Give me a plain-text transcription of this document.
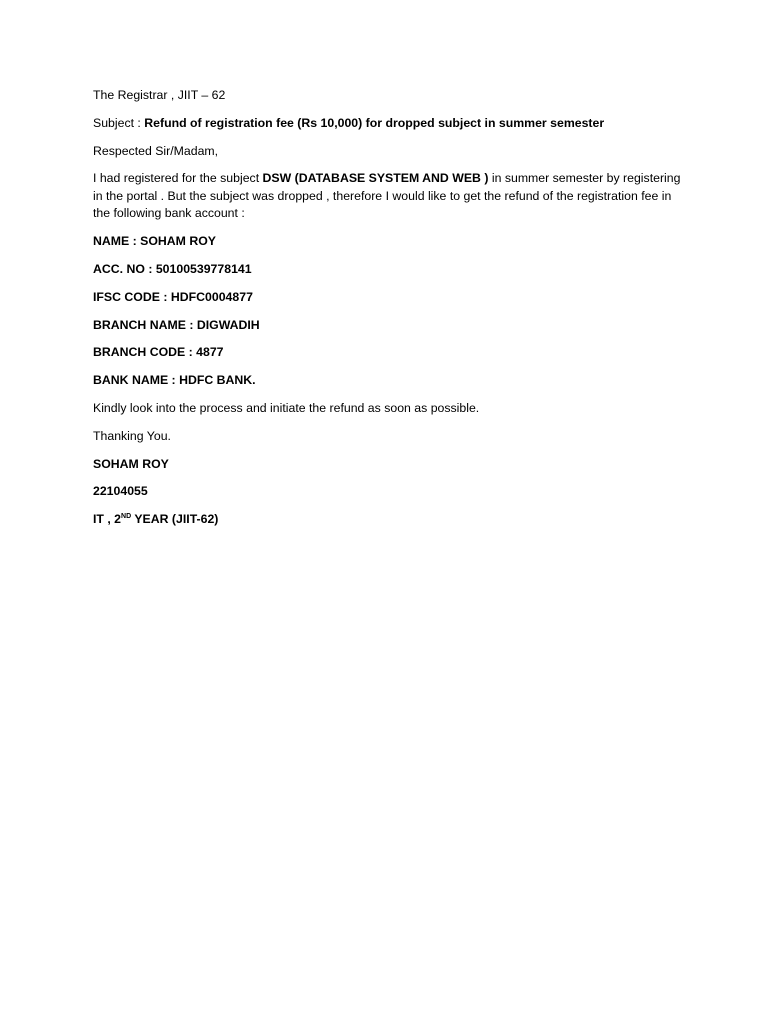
The Registrar , JIIT – 62

Subject : Refund of registration fee (Rs 10,000) for dropped subject in summer semester

Respected Sir/Madam,

I had registered for the subject DSW (DATABASE SYSTEM AND WEB ) in summer semester by registering in the portal . But the subject was dropped , therefore I would like to get the refund of the registration fee in the following bank account :

NAME : SOHAM ROY

ACC. NO : 50100539778141

IFSC CODE : HDFC0004877

BRANCH NAME : DIGWADIH

BRANCH CODE : 4877

BANK NAME : HDFC BANK.

Kindly look into the process and initiate the refund as soon as possible.

Thanking You.

SOHAM ROY

22104055

IT , 2ND YEAR (JIIT-62)
